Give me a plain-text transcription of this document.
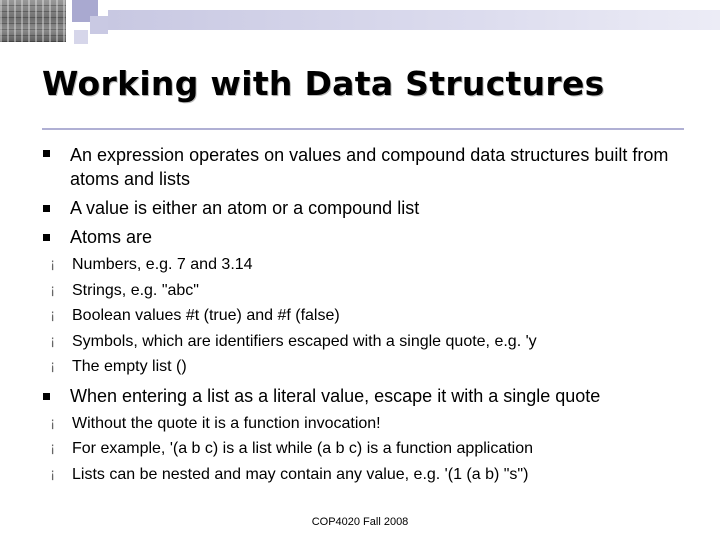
Working with Data Structures
An expression operates on values and compound data structures built from atoms and lists
A value is either an atom or a compound list
Atoms are
¡ Numbers, e.g. 7 and 3.14
¡ Strings, e.g. "abc"
¡ Boolean values #t (true) and #f (false)
¡ Symbols, which are identifiers escaped with a single quote, e.g. 'y
¡ The empty list ()
When entering a list as a literal value, escape it with a single quote
¡ Without the quote it is a function invocation!
¡ For example, '(a b c) is a list while (a b c) is a function application
¡ Lists can be nested and may contain any value, e.g. '(1 (a b) "s")
COP4020 Fall 2008
